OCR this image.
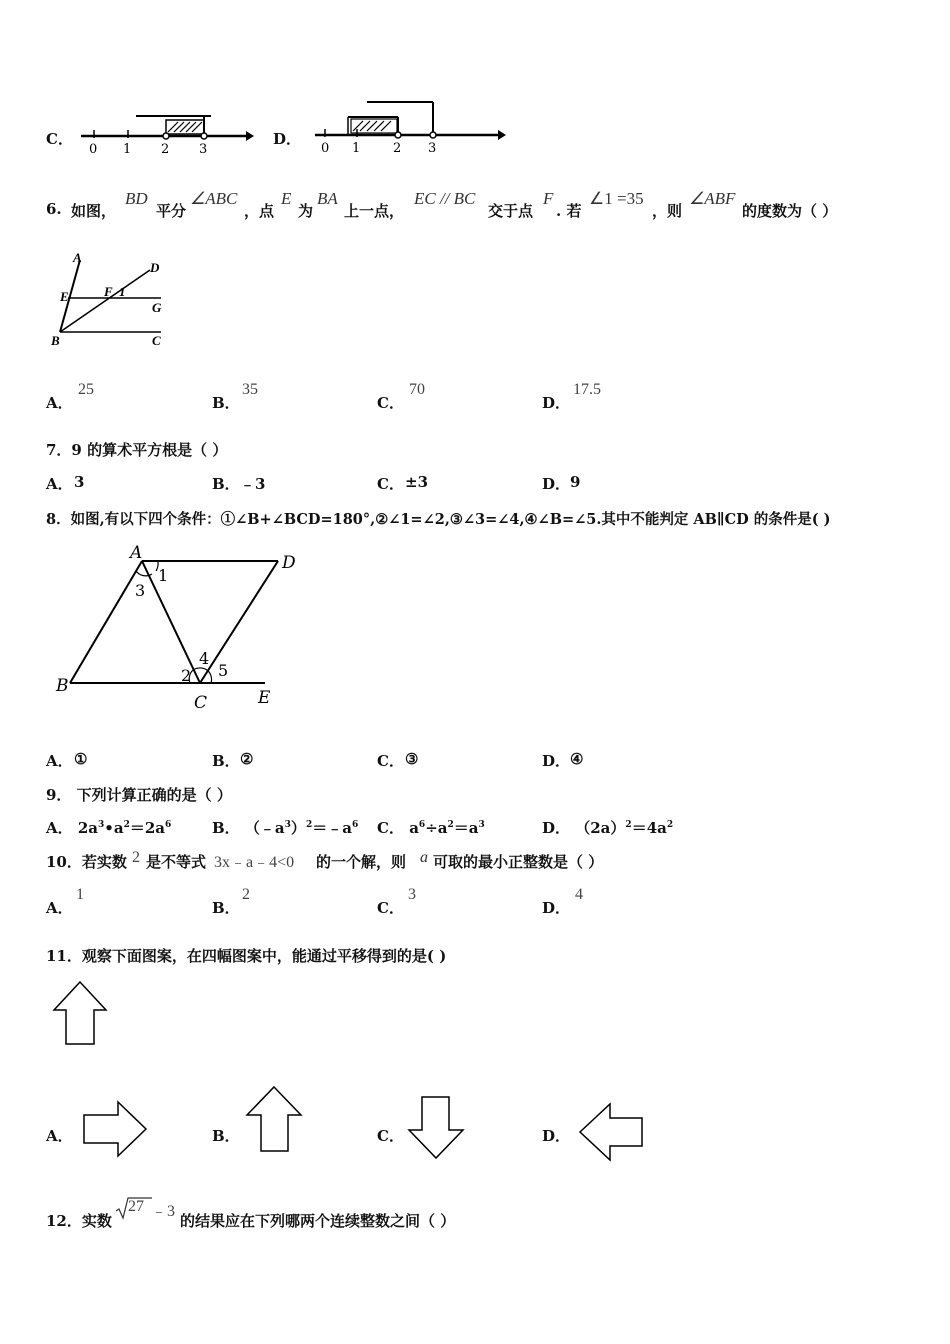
C．
0 1 2 3
D．
0 1	2 3
6. 如图，
BD
平分
∠ABC
，点
E
为
BA
上一点，
EC // BC
交于点
F
. 若
∠1 =35
，则
∠ABF
的度数为（ ）
A
D
E	F 1
G
B	C
A．
25
B．
35
C．
70
D．
17.5
7．9 的算术平方根是（ ）
A． 3	B． ﹣3	C． ±3	D． 9
8．如图,有以下四个条件：①∠B+∠BCD=180°,②∠1=∠2,③∠3=∠4,④∠B=∠5.其中不能判定 AB∥CD 的条件是( )
A	D
B
C	E
1
3
2
4
5
A． ①	B． ②	C． ③	D． ④
9． 下列计算正确的是（ ）
A． $2a^3•a^2=2a^6$	B． $(﹣a^3)^2=﹣a^6$ C． $a^6\div a^2=a^3$	D． $(2a)^2=4a^2$
10．若实数 2 是不等式 3x﹣a﹣4<0 的一个解，则 a 可取的最小正整数是（ ）
A．
1
B．
2
C．
3
D．
4
11．观察下面图案，在四幅图案中，能通过平移得到的是( )
A．	B．	C．	D．
12．实数
27 ﹣3
的结果应在下列哪两个连续整数之间（ ）
